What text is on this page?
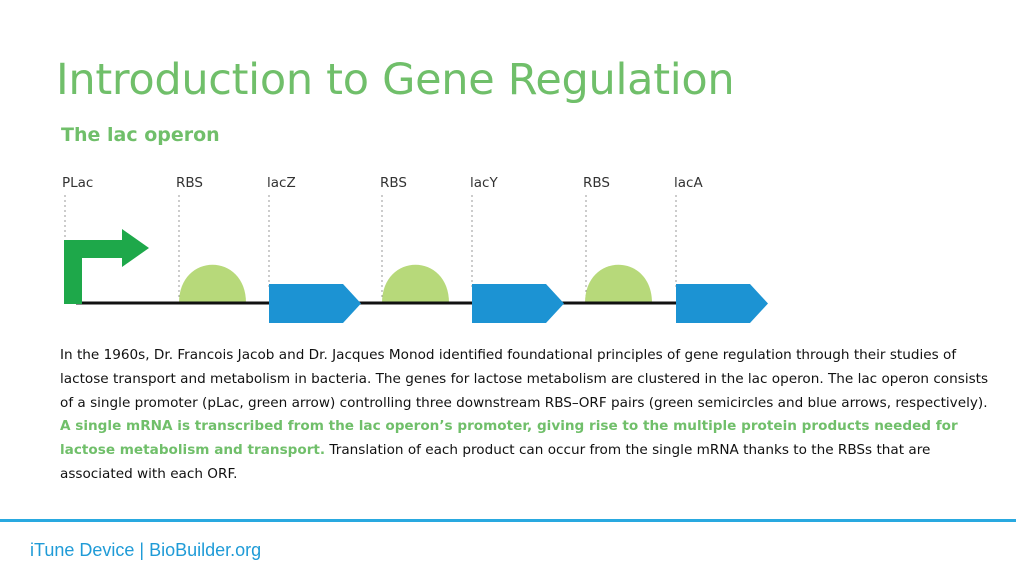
Introduction to Gene Regulation
The lac operon
PLac	RBS	lacZ	RBS	lacY	RBS	lacA

In the 1960s, Dr. Francois Jacob and Dr. Jacques Monod identified foundational principles of gene regulation through their studies of lactose transport and metabolism in bacteria. The genes for lactose metabolism are clustered in the lac operon. The lac operon consists of a single promoter (pLac, green arrow) controlling three downstream RBS–ORF pairs (green semicircles and blue arrows, respectively). A single mRNA is transcribed from the lac operon’s promoter, giving rise to the multiple protein products needed for lactose metabolism and transport. Translation of each product can occur from the single mRNA thanks to the RBSs that are associated with each ORF.

iTune Device | BioBuilder.org
